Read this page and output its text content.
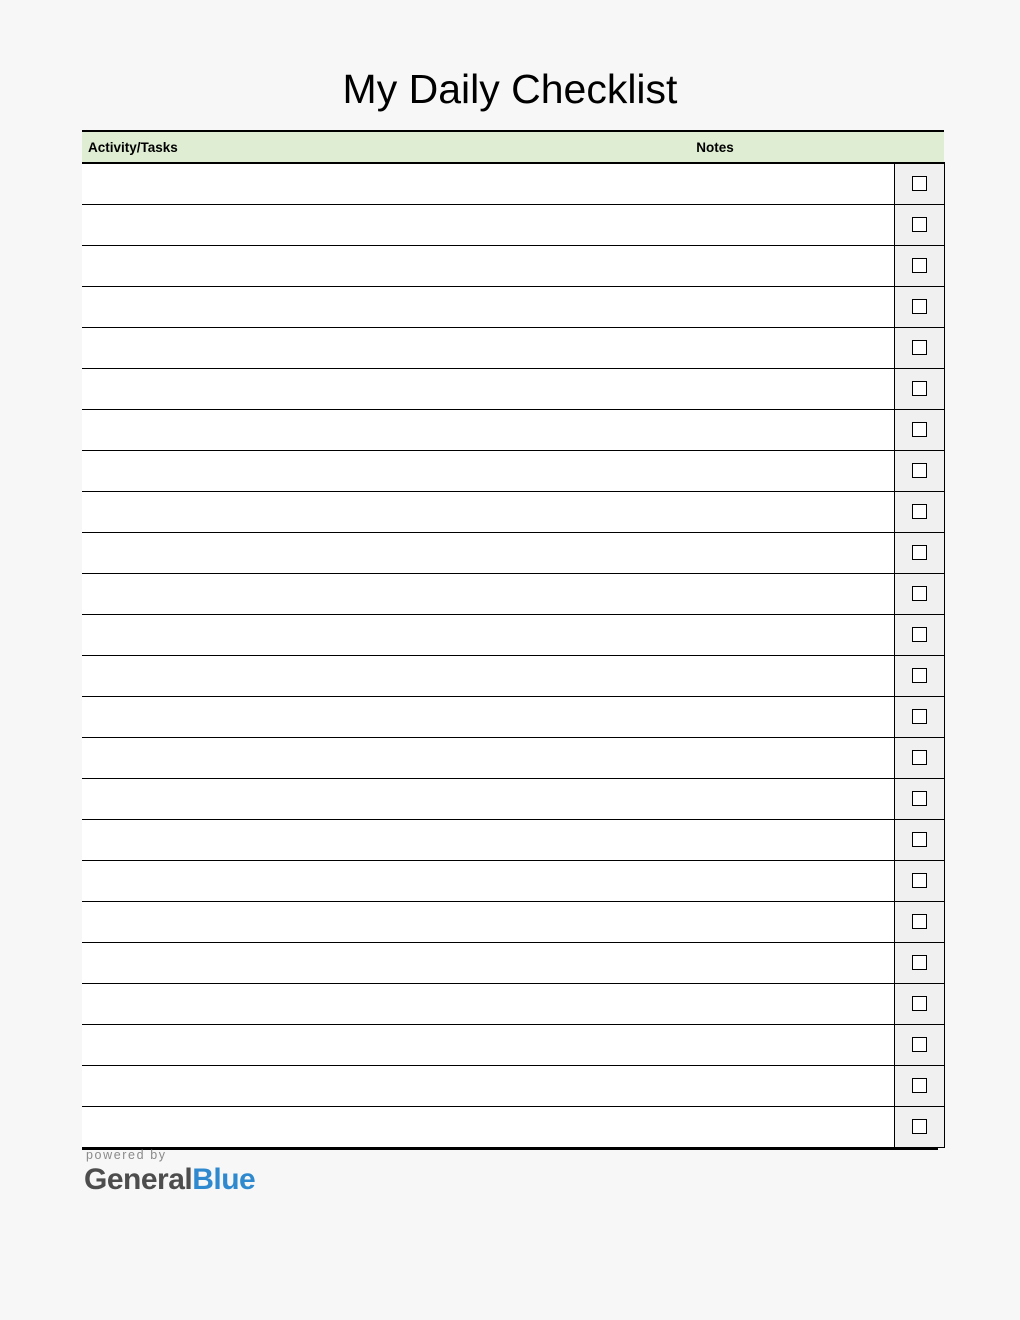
My Daily Checklist
Activity/Tasks	Notes	

powered by
GeneralBlue
